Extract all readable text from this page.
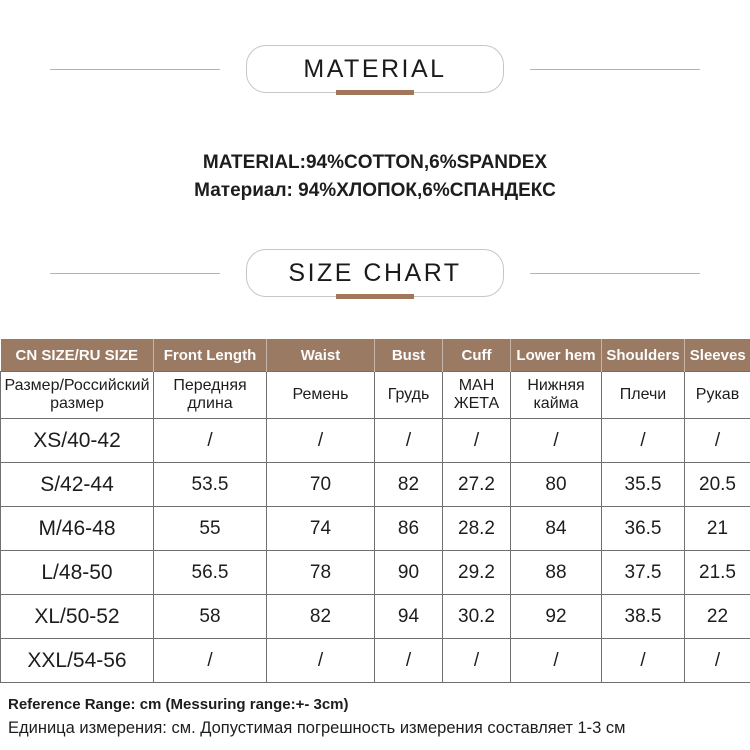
MATERIAL

MATERIAL:94%COTTON,6%SPANDEX

Материал: 94%ХЛОПОК,6%СПАНДЕКС

SIZE CHART
CN SIZE/RU SIZE	Front Length	Waist	Bust	Cuff	Lower hem	Shoulders	Sleeves
Размер/Российский размер	Передняя длина	Ремень	Грудь	МАН ЖЕТА	Нижняя кайма	Плечи	Рукав
XS/40-42	/	/	/	/	/	/	/
S/42-44	53.5	70	82	27.2	80	35.5	20.5
M/46-48	55	74	86	28.2	84	36.5	21
L/48-50	56.5	78	90	29.2	88	37.5	21.5
XL/50-52	58	82	94	30.2	92	38.5	22
XXL/54-56	/	/	/	/	/	/	/

Reference Range: cm (Messuring range:+- 3cm)

Единица измерения: см. Допустимая погрешность измерения составляет 1-3 см
